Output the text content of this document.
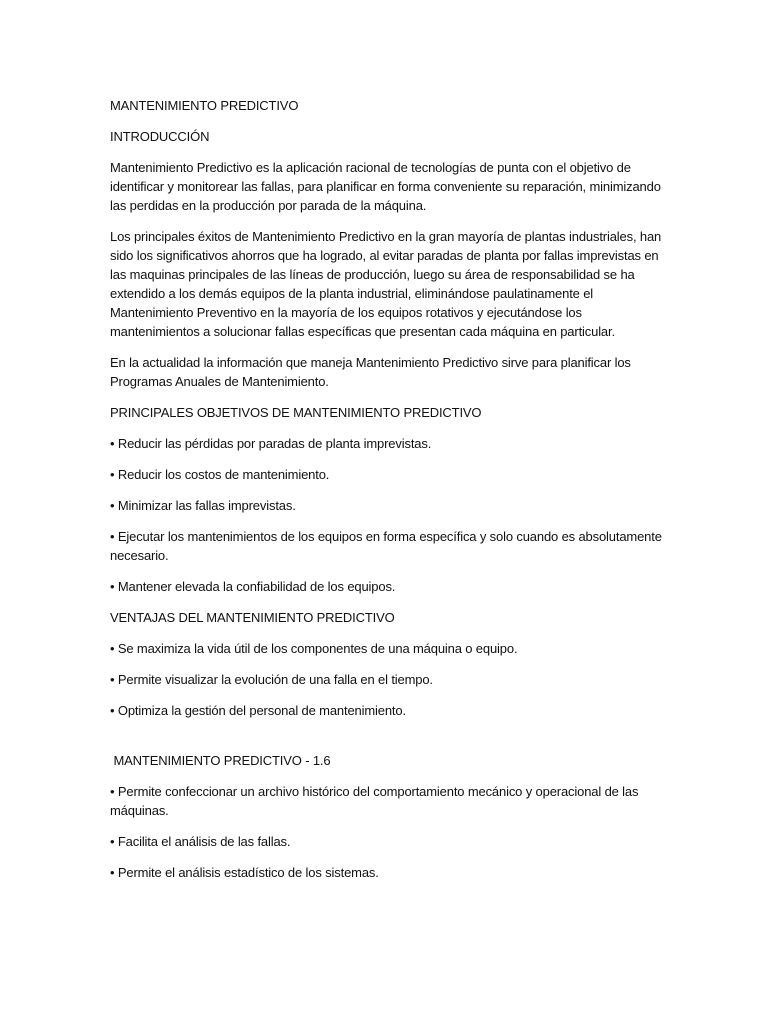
MANTENIMIENTO PREDICTIVO

INTRODUCCIÓN

Mantenimiento Predictivo es la aplicación racional de tecnologías de punta con el objetivo de identificar y monitorear las fallas, para planificar en forma conveniente su reparación, minimizando las perdidas en la producción por parada de la máquina.

Los principales éxitos de Mantenimiento Predictivo en la gran mayoría de plantas industriales, han sido los significativos ahorros que ha logrado, al evitar paradas de planta por fallas imprevistas en las maquinas principales de las líneas de producción, luego su área de responsabilidad se ha extendido a los demás equipos de la planta industrial, eliminándose paulatinamente el Mantenimiento Preventivo en la mayoría de los equipos rotativos y ejecutándose los mantenimientos a solucionar fallas específicas que presentan cada máquina en particular.

En la actualidad la información que maneja Mantenimiento Predictivo sirve para planificar los Programas Anuales de Mantenimiento.

PRINCIPALES OBJETIVOS DE MANTENIMIENTO PREDICTIVO

• Reducir las pérdidas por paradas de planta imprevistas.

• Reducir los costos de mantenimiento.

• Minimizar las fallas imprevistas.

• Ejecutar los mantenimientos de los equipos en forma específica y solo cuando es absolutamente necesario.

• Mantener elevada la confiabilidad de los equipos.

VENTAJAS DEL MANTENIMIENTO PREDICTIVO

• Se maximiza la vida útil de los componentes de una máquina o equipo.

• Permite visualizar la evolución de una falla en el tiempo.

• Optimiza la gestión del personal de mantenimiento.

MANTENIMIENTO PREDICTIVO - 1.6

• Permite confeccionar un archivo histórico del comportamiento mecánico y operacional de las máquinas.

• Facilita el análisis de las fallas.

• Permite el análisis estadístico de los sistemas.
